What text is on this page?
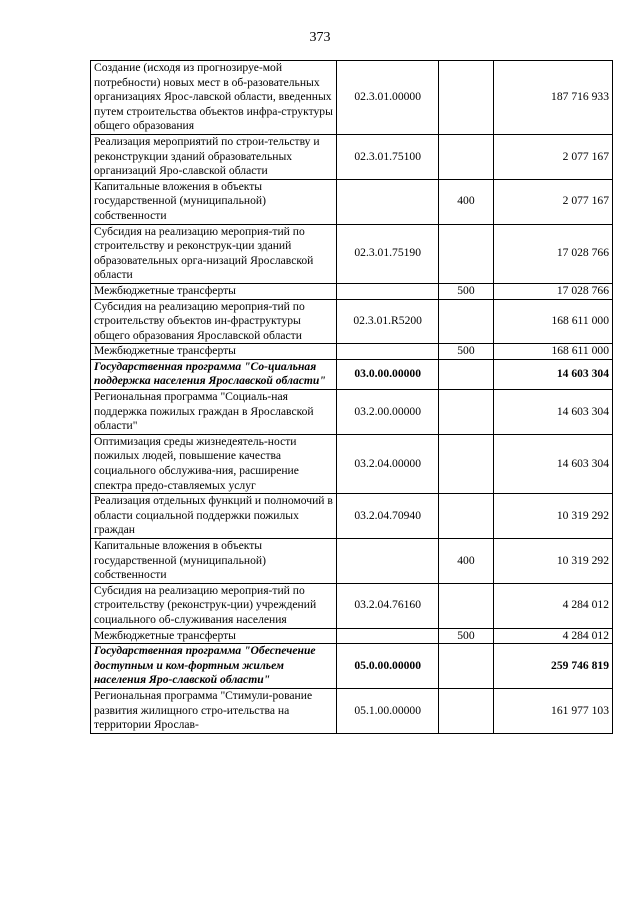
373
Создание (исходя из прогнозируе-мой потребности) новых мест в об-разовательных организациях Ярос-лавской области, введенных путем строительства объектов инфра-структуры общего образования	02.3.01.00000		187 716 933
Реализация мероприятий по строи-тельству и реконструкции зданий образовательных организаций Яро-славской области	02.3.01.75100		2 077 167
Капитальные вложения в объекты государственной (муниципальной) собственности		400	2 077 167
Субсидия на реализацию мероприя-тий по строительству и реконструк-ции зданий образовательных орга-низаций Ярославской области	02.3.01.75190		17 028 766
Межбюджетные трансферты		500	17 028 766
Субсидия на реализацию мероприя-тий по строительству объектов ин-фраструктуры общего образования Ярославской области	02.3.01.R5200		168 611 000
Межбюджетные трансферты		500	168 611 000
Государственная программа "Со-циальная поддержка населения Ярославской области"	03.0.00.00000		14 603 304
Региональная программа "Социаль-ная поддержка пожилых граждан в Ярославской области"	03.2.00.00000		14 603 304
Оптимизация среды жизнедеятель-ности пожилых людей, повышение качества социального обслужива-ния, расширение спектра предо-ставляемых услуг	03.2.04.00000		14 603 304
Реализация отдельных функций и полномочий в области социальной поддержки пожилых граждан	03.2.04.70940		10 319 292
Капитальные вложения в объекты государственной (муниципальной) собственности		400	10 319 292
Субсидия на реализацию мероприя-тий по строительству (реконструк-ции) учреждений социального об-служивания населения	03.2.04.76160		4 284 012
Межбюджетные трансферты		500	4 284 012
Государственная программа "Обеспечение доступным и ком-фортным жильем населения Яро-славской области"	05.0.00.00000		259 746 819
Региональная программа "Стимули-рование развития жилищного стро-ительства на территории Ярослав-	05.1.00.00000		161 977 103
